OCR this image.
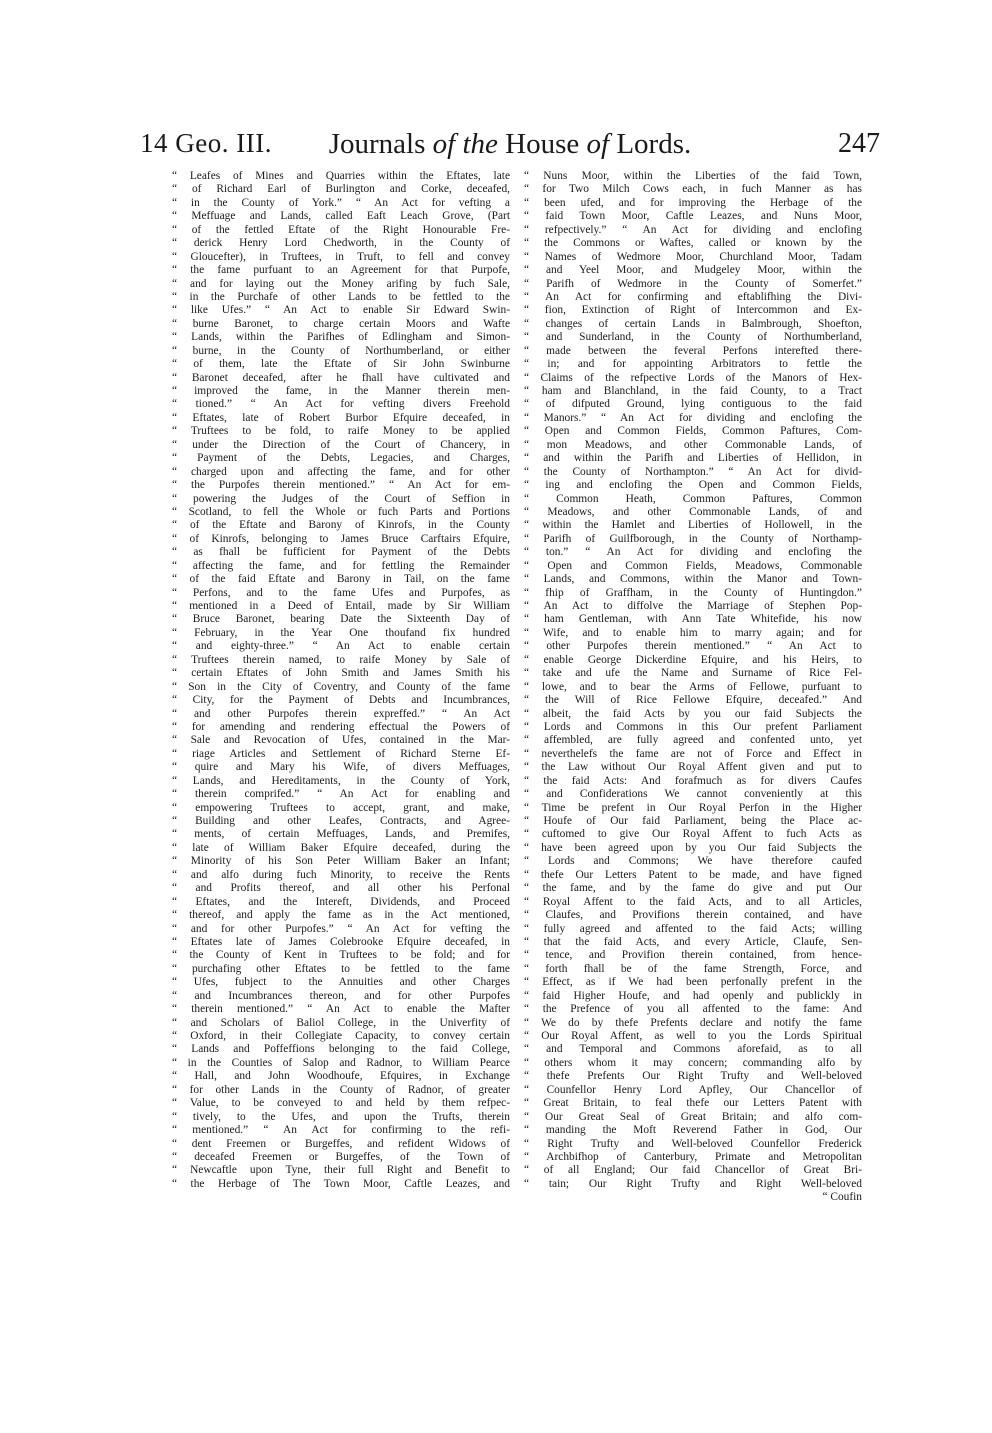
14 Geo. III.	Journals of the House of Lords.	247
“ Leafes of Mines and Quarries within the Eftates, late
“ of Richard Earl of Burlington and Corke, deceafed,
“ in the County of York.” “ An Act for vefting a
“ Meffuage and Lands, called Eaft Leach Grove, (Part
“ of the fettled Eftate of the Right Honourable Fre-
“ derick Henry Lord Chedworth, in the County of
“ Gloucefter), in Truftees, in Truft, to fell and convey
“ the fame purfuant to an Agreement for that Purpofe,
“ and for laying out the Money arifing by fuch Sale,
“ in the Purchafe of other Lands to be fettled to the
“ like Ufes.” “ An Act to enable Sir Edward Swin-
“ burne Baronet, to charge certain Moors and Wafte
“ Lands, within the Parifhes of Edlingham and Simon-
“ burne, in the County of Northumberland, or either
“ of them, late the Eftate of Sir John Swinburne
“ Baronet deceafed, after he fhall have cultivated and
“ improved the fame, in the Manner therein men-
“ tioned.” “ An Act for vefting divers Freehold
“ Eftates, late of Robert Burbor Efquire deceafed, in
“ Truftees to be fold, to raife Money to be applied
“ under the Direction of the Court of Chancery, in
“ Payment of the Debts, Legacies, and Charges,
“ charged upon and affecting the fame, and for other
“ the Purpofes therein mentioned.” “ An Act for em-
“ powering the Judges of the Court of Seffion in
“ Scotland, to fell the Whole or fuch Parts and Portions
“ of the Eftate and Barony of Kinrofs, in the County
“ of Kinrofs, belonging to James Bruce Carftairs Efquire,
“ as fhall be fufficient for Payment of the Debts
“ affecting the fame, and for fettling the Remainder
“ of the faid Eftate and Barony in Tail, on the fame
“ Perfons, and to the fame Ufes and Purpofes, as
“ mentioned in a Deed of Entail, made by Sir William
“ Bruce Baronet, bearing Date the Sixteenth Day of
“ February, in the Year One thoufand fix hundred
“ and eighty-three.” “ An Act to enable certain
“ Truftees therein named, to raife Money by Sale of
“ certain Eftates of John Smith and James Smith his
“ Son in the City of Coventry, and County of the fame
“ City, for the Payment of Debts and Incumbrances,
“ and other Purpofes therein expreffed.” “ An Act
“ for amending and rendering effectual the Powers of
“ Sale and Revocation of Ufes, contained in the Mar-
“ riage Articles and Settlement of Richard Sterne Ef-
“ quire and Mary his Wife, of divers Meffuages,
“ Lands, and Hereditaments, in the County of York,
“ therein comprifed.” “ An Act for enabling and
“ empowering Truftees to accept, grant, and make,
“ Building and other Leafes, Contracts, and Agree-
“ ments, of certain Meffuages, Lands, and Premifes,
“ late of William Baker Efquire deceafed, during the
“ Minority of his Son Peter William Baker an Infant;
“ and alfo during fuch Minority, to receive the Rents
“ and Profits thereof, and all other his Perfonal
“ Eftates, and the Intereft, Dividends, and Proceed
“ thereof, and apply the fame as in the Act mentioned,
“ and for other Purpofes.” “ An Act for vefting the
“ Eftates late of James Colebrooke Efquire deceafed, in
“ the County of Kent in Truftees to be fold; and for
“ purchafing other Eftates to be fettled to the fame
“ Ufes, fubject to the Annuities and other Charges
“ and Incumbrances thereon, and for other Purpofes
“ therein mentioned.” “ An Act to enable the Mafter
“ and Scholars of Baliol College, in the Univerfity of
“ Oxford, in their Collegiate Capacity, to convey certain
“ Lands and Poffeffions belonging to the faid College,
“ in the Counties of Salop and Radnor, to William Pearce
“ Hall, and John Woodhoufe, Efquires, in Exchange
“ for other Lands in the County of Radnor, of greater
“ Value, to be conveyed to and held by them refpec-
“ tively, to the Ufes, and upon the Trufts, therein
“ mentioned.” “ An Act for confirming to the refi-
“ dent Freemen or Burgeffes, and refident Widows of
“ deceafed Freemen or Burgeffes, of the Town of
“ Newcaftle upon Tyne, their full Right and Benefit to
“ the Herbage of The Town Moor, Caftle Leazes, and
“ Nuns Moor, within the Liberties of the faid Town,
“ for Two Milch Cows each, in fuch Manner as has
“ been ufed, and for improving the Herbage of the
“ faid Town Moor, Caftle Leazes, and Nuns Moor,
“ refpectively.” “ An Act for dividing and enclofing
“ the Commons or Waftes, called or known by the
“ Names of Wedmore Moor, Churchland Moor, Tadam
“ and Yeel Moor, and Mudgeley Moor, within the
“ Parifh of Wedmore in the County of Somerfet.”
“ An Act for confirming and eftablifhing the Divi-
“ fion, Extinction of Right of Intercommon and Ex-
“ changes of certain Lands in Balmbrough, Shoefton,
“ and Sunderland, in the County of Northumberland,
“ made between the feveral Perfons interefted there-
“ in; and for appointing Arbitrators to fettle the
“ Claims of the refpective Lords of the Manors of Hex-
“ ham and Blanchland, in the faid County, to a Tract
“ of difputed Ground, lying contiguous to the faid
“ Manors.” “ An Act for dividing and enclofing the
“ Open and Common Fields, Common Paftures, Com-
“ mon Meadows, and other Commonable Lands, of
“ and within the Parifh and Liberties of Hellidon, in
“ the County of Northampton.” “ An Act for divid-
“ ing and enclofing the Open and Common Fields,
“ Common Heath, Common Paftures, Common
“ Meadows, and other Commonable Lands, of and
“ within the Hamlet and Liberties of Hollowell, in the
“ Parifh of Guilfborough, in the County of Northamp-
“ ton.” “ An Act for dividing and enclofing the
“ Open and Common Fields, Meadows, Commonable
“ Lands, and Commons, within the Manor and Town-
“ fhip of Graffham, in the County of Huntingdon.”
“ An Act to diffolve the Marriage of Stephen Pop-
“ ham Gentleman, with Ann Tate Whitefide, his now
“ Wife, and to enable him to marry again; and for
“ other Purpofes therein mentioned.” “ An Act to
“ enable George Dickerdine Efquire, and his Heirs, to
“ take and ufe the Name and Surname of Rice Fel-
“ lowe, and to bear the Arms of Fellowe, purfuant to
“ the Will of Rice Fellowe Efquire, deceafed.” And
“ albeit, the faid Acts by you our faid Subjects the
“ Lords and Commons in this Our prefent Parliament
“ affembled, are fully agreed and confented unto, yet
“ neverthelefs the fame are not of Force and Effect in
“ the Law without Our Royal Affent given and put to
“ the faid Acts: And forafmuch as for divers Caufes
“ and Confiderations We cannot conveniently at this
“ Time be prefent in Our Royal Perfon in the Higher
“ Houfe of Our faid Parliament, being the Place ac-
“ cuftomed to give Our Royal Affent to fuch Acts as
“ have been agreed upon by you Our faid Subjects the
“ Lords and Commons; We have therefore caufed
“ thefe Our Letters Patent to be made, and have figned
“ the fame, and by the fame do give and put Our
“ Royal Affent to the faid Acts, and to all Articles,
“ Claufes, and Provifions therein contained, and have
“ fully agreed and affented to the faid Acts; willing
“ that the faid Acts, and every Article, Claufe, Sen-
“ tence, and Provifion therein contained, from hence-
“ forth fhall be of the fame Strength, Force, and
“ Effect, as if We had been perfonally prefent in the
“ faid Higher Houfe, and had openly and publickly in
“ the Prefence of you all affented to the fame: And
“ We do by thefe Prefents declare and notify the fame
“ Our Royal Affent, as well to you the Lords Spiritual
“ and Temporal and Commons aforefaid, as to all
“ others whom it may concern; commanding alfo by
“ thefe Prefents Our Right Trufty and Well-beloved
“ Counfellor Henry Lord Apfley, Our Chancellor of
“ Great Britain, to feal thefe our Letters Patent with
“ Our Great Seal of Great Britain; and alfo com-
“ manding the Moft Reverend Father in God, Our
“ Right Trufty and Well-beloved Counfellor Frederick
“ Archbifhop of Canterbury, Primate and Metropolitan
“ of all England; Our faid Chancellor of Great Bri-
“ tain; Our Right Trufty and Right Well-beloved
“ Coufin
